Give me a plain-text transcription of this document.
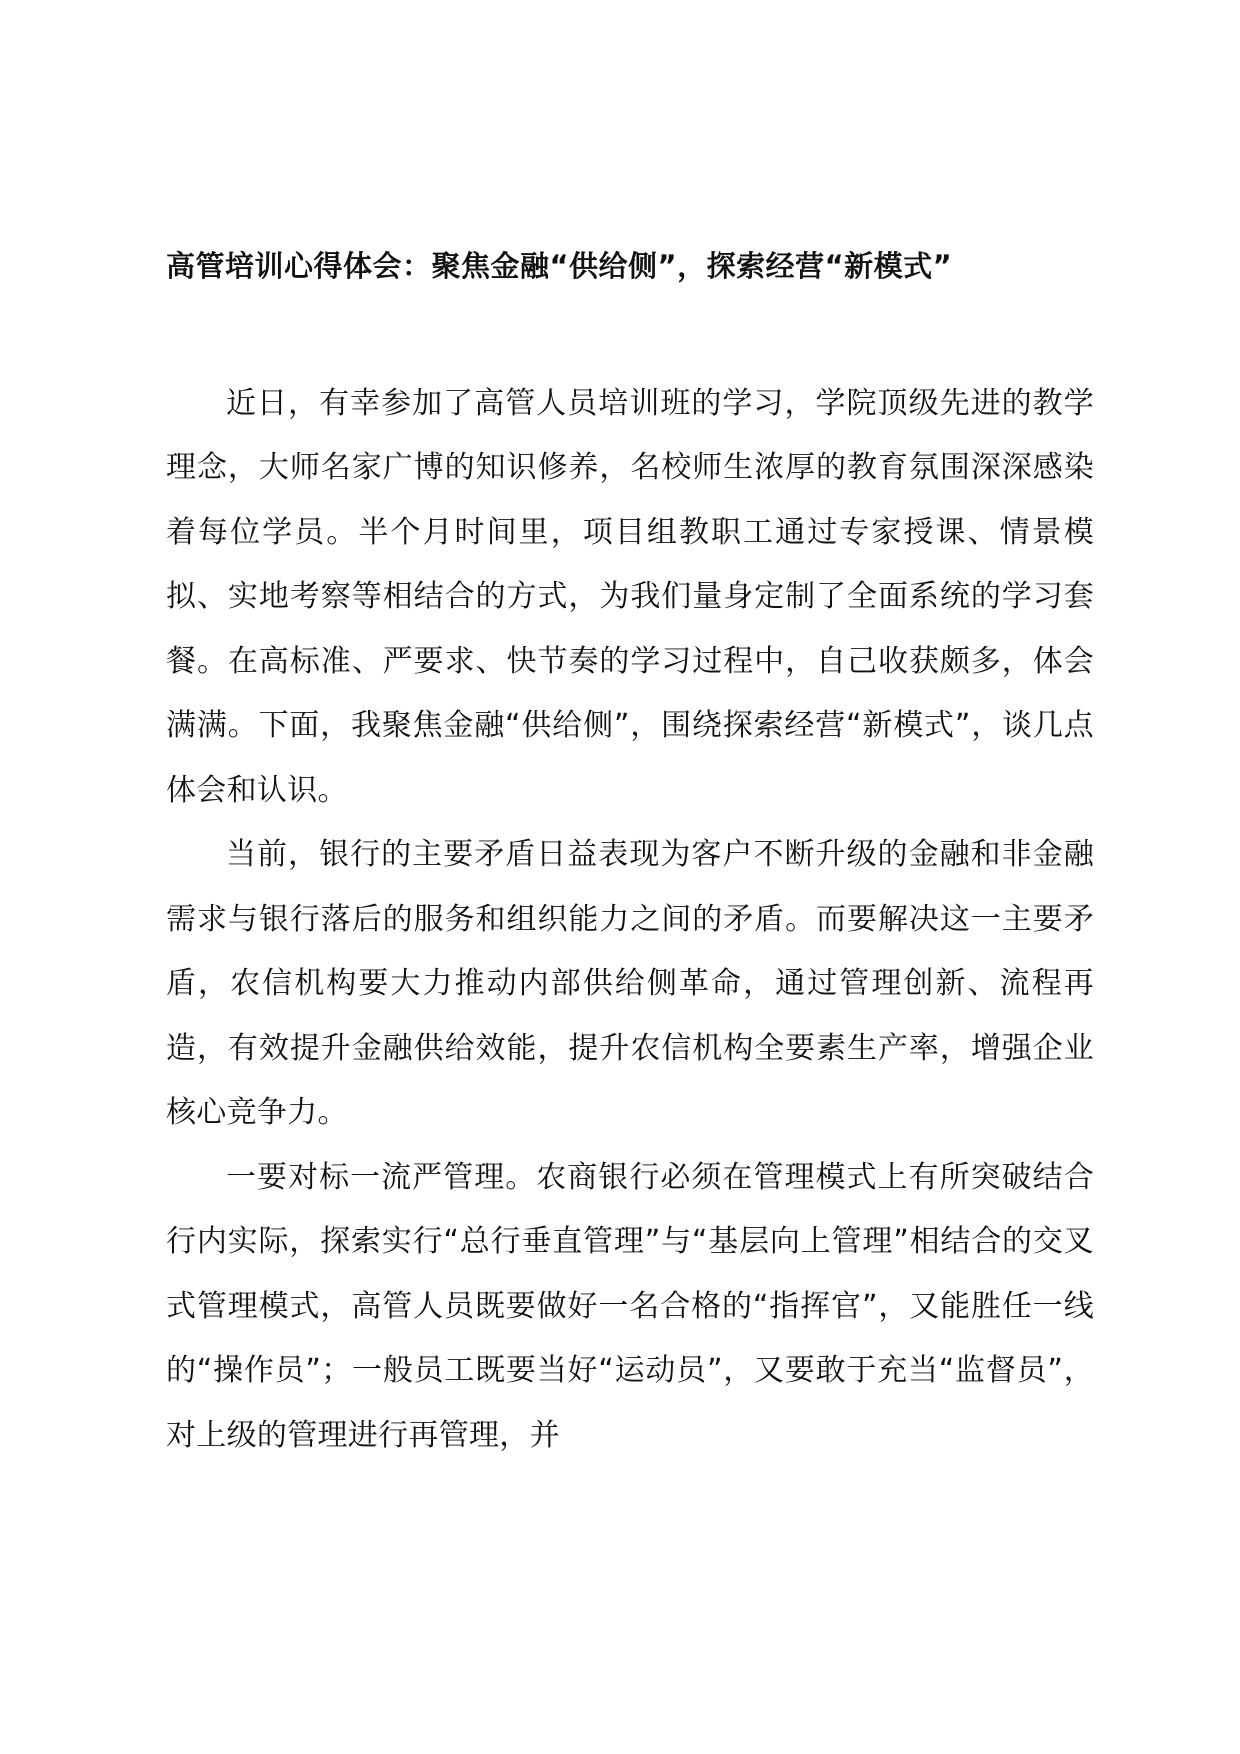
高管培训心得体会：聚焦金融“供给侧”，探索经营“新模式”

近日，有幸参加了高管人员培训班的学习，学院顶级先进的教学理念，大师名家广博的知识修养，名校师生浓厚的教育氛围深深感染着每位学员。半个月时间里，项目组教职工通过专家授课、情景模拟、实地考察等相结合的方式，为我们量身定制了全面系统的学习套餐。在高标准、严要求、快节奏的学习过程中，自己收获颇多，体会满满。下面，我聚焦金融“供给侧”，围绕探索经营“新模式”，谈几点体会和认识。

当前，银行的主要矛盾日益表现为客户不断升级的金融和非金融需求与银行落后的服务和组织能力之间的矛盾。而要解决这一主要矛盾，农信机构要大力推动内部供给侧革命，通过管理创新、流程再造，有效提升金融供给效能，提升农信机构全要素生产率，增强企业核心竞争力。

一要对标一流严管理。农商银行必须在管理模式上有所突破结合行内实际，探索实行“总行垂直管理”与“基层向上管理”相结合的交叉式管理模式，高管人员既要做好一名合格的“指挥官”，又能胜任一线的“操作员”；一般员工既要当好“运动员”，又要敢于充当“监督员”，对上级的管理进行再管理，并
